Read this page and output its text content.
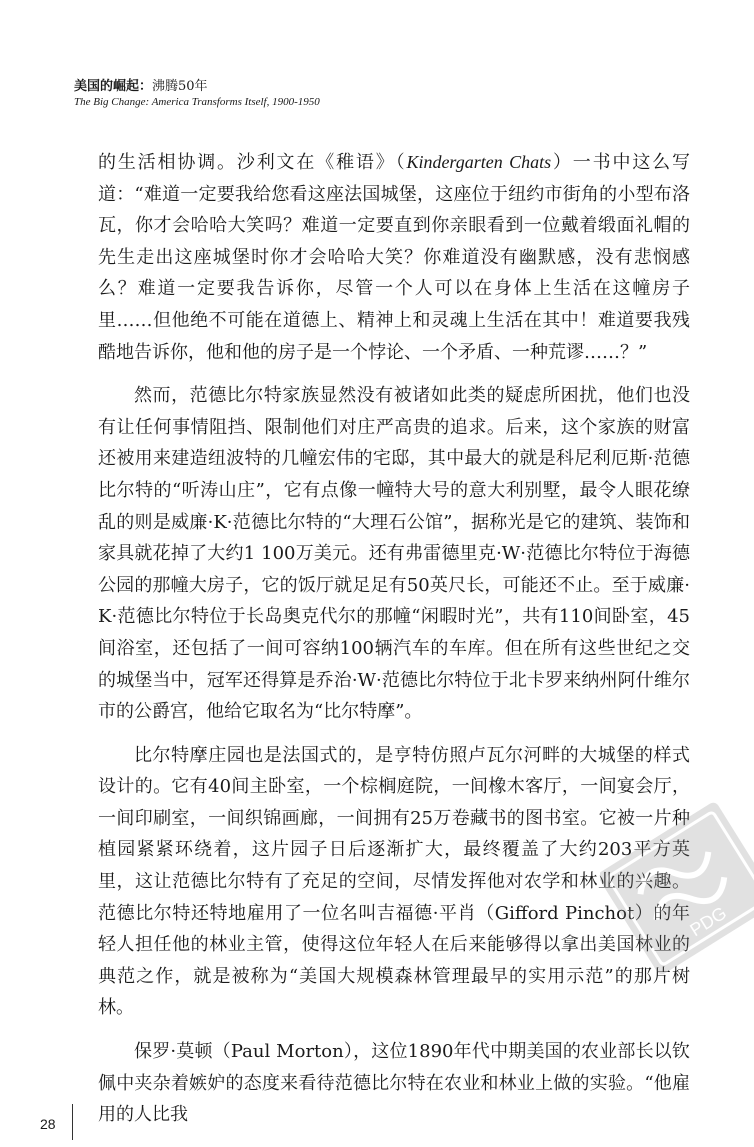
美国的崛起：沸腾50年
The Big Change: America Transforms Itself, 1900-1950

的生活相协调。沙利文在《稚语》（Kindergarten Chats）一书中这么写道：“难道一定要我给您看这座法国城堡，这座位于纽约市街角的小型布洛瓦，你才会哈哈大笑吗？难道一定要直到你亲眼看到一位戴着缎面礼帽的先生走出这座城堡时你才会哈哈大笑？你难道没有幽默感，没有悲悯感么？难道一定要我告诉你，尽管一个人可以在身体上生活在这幢房子里……但他绝不可能在道德上、精神上和灵魂上生活在其中！难道要我残酷地告诉你，他和他的房子是一个悖论、一个矛盾、一种荒谬……？”

然而，范德比尔特家族显然没有被诸如此类的疑虑所困扰，他们也没有让任何事情阻挡、限制他们对庄严高贵的追求。后来，这个家族的财富还被用来建造纽波特的几幢宏伟的宅邸，其中最大的就是科尼利厄斯·范德比尔特的“听涛山庄”，它有点像一幢特大号的意大利别墅，最令人眼花缭乱的则是威廉·K·范德比尔特的“大理石公馆”，据称光是它的建筑、装饰和家具就花掉了大约1 100万美元。还有弗雷德里克·W·范德比尔特位于海德公园的那幢大房子，它的饭厅就足足有50英尺长，可能还不止。至于威廉·K·范德比尔特位于长岛奥克代尔的那幢“闲暇时光”，共有110间卧室，45间浴室，还包括了一间可容纳100辆汽车的车库。但在所有这些世纪之交的城堡当中，冠军还得算是乔治·W·范德比尔特位于北卡罗来纳州阿什维尔市的公爵宫，他给它取名为“比尔特摩”。

比尔特摩庄园也是法国式的，是亨特仿照卢瓦尔河畔的大城堡的样式设计的。它有40间主卧室，一个棕榈庭院，一间橡木客厅，一间宴会厅，一间印刷室，一间织锦画廊，一间拥有25万卷藏书的图书室。它被一片种植园紧紧环绕着，这片园子日后逐渐扩大，最终覆盖了大约203平方英里，这让范德比尔特有了充足的空间，尽情发挥他对农学和林业的兴趣。范德比尔特还特地雇用了一位名叫吉福德·平肖（Gifford Pinchot）的年轻人担任他的林业主管，使得这位年轻人在后来能够得以拿出美国林业的典范之作，就是被称为“美国大规模森林管理最早的实用示范”的那片树林。

保罗·莫顿（Paul Morton），这位1890年代中期美国的农业部长以钦佩中夹杂着嫉妒的态度来看待范德比尔特在农业和林业上做的实验。“他雇用的人比我

PDG
28
